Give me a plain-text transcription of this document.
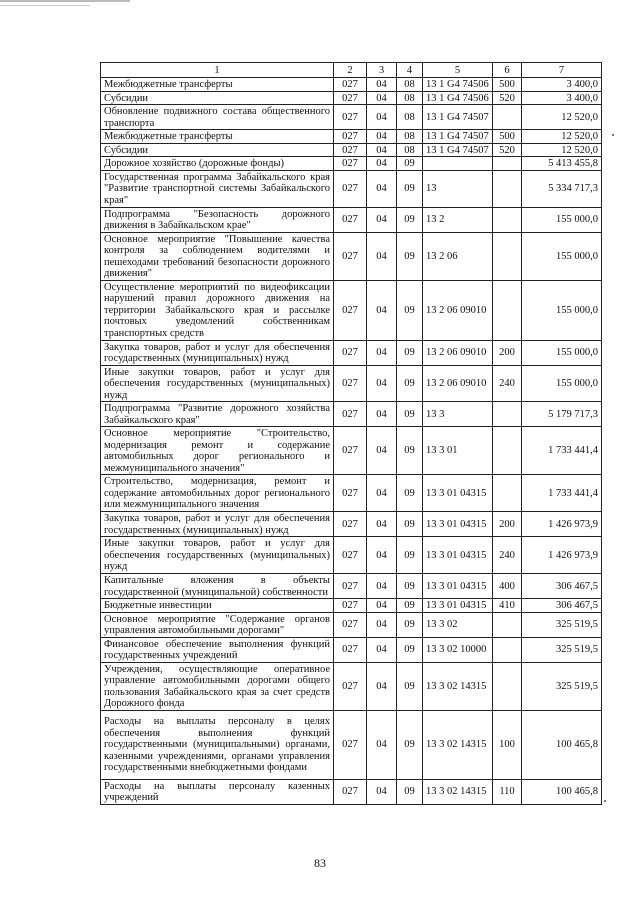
1	2	3	4	5	6	7
Межбюджетные трансферты	027	04	08	13 1 G4 74506	500	3 400,0
Субсидии	027	04	08	13 1 G4 74506	520	3 400,0
Обновление подвижного состава общественного транспорта	027	04	08	13 1 G4 74507		12 520,0
Межбюджетные трансферты	027	04	08	13 1 G4 74507	500	12 520,0
Субсидии	027	04	08	13 1 G4 74507	520	12 520,0
Дорожное хозяйство (дорожные фонды)	027	04	09			5 413 455,8
Государственная программа Забайкальского края "Развитие транспортной системы Забайкальского края"	027	04	09	13		5 334 717,3
Подпрограмма "Безопасность дорожного движения в Забайкальском крае"	027	04	09	13 2		155 000,0
Основное мероприятие "Повышение качества контроля за соблюдением водителями и пешеходами требований безопасности дорожного движения"	027	04	09	13 2 06		155 000,0
Осуществление мероприятий по видеофиксации нарушений правил дорожного движения на территории Забайкальского края и рассылке почтовых уведомлений собственникам транспортных средств	027	04	09	13 2 06 09010		155 000,0
Закупка товаров, работ и услуг для обеспечения государственных (муниципальных) нужд	027	04	09	13 2 06 09010	200	155 000,0
Иные закупки товаров, работ и услуг для обеспечения государственных (муниципальных) нужд	027	04	09	13 2 06 09010	240	155 000,0
Подпрограмма "Развитие дорожного хозяйства Забайкальского края"	027	04	09	13 3		5 179 717,3
Основное мероприятие "Строительство, модернизация ремонт и содержание автомобильных дорог регионального и межмуниципального значения"	027	04	09	13 3 01		1 733 441,4
Строительство, модернизация, ремонт и содержание автомобильных дорог регионального или межмуниципального значения	027	04	09	13 3 01 04315		1 733 441,4
Закупка товаров, работ и услуг для обеспечения государственных (муниципальных) нужд	027	04	09	13 3 01 04315	200	1 426 973,9
Иные закупки товаров, работ и услуг для обеспечения государственных (муниципальных) нужд	027	04	09	13 3 01 04315	240	1 426 973,9
Капитальные вложения в объекты государственной (муниципальной) собственности	027	04	09	13 3 01 04315	400	306 467,5
Бюджетные инвестиции	027	04	09	13 3 01 04315	410	306 467,5
Основное мероприятие "Содержание органов управления автомобильными дорогами"	027	04	09	13 3 02		325 519,5
Финансовое обеспечение выполнения функций государственных учреждений	027	04	09	13 3 02 10000		325 519,5
Учреждения, осуществляющие оперативное управление автомобильными дорогами общего пользования Забайкальского края за счет средств Дорожного фонда	027	04	09	13 3 02 14315		325 519,5
Расходы на выплаты персоналу в целях обеспечения выполнения функций государственными (муниципальными) органами, казенными учреждениями, органами управления государственными внебюджетными фондами	027	04	09	13 3 02 14315	100	100 465,8
Расходы на выплаты персоналу казенных учреждений	027	04	09	13 3 02 14315	110	100 465,8
83
